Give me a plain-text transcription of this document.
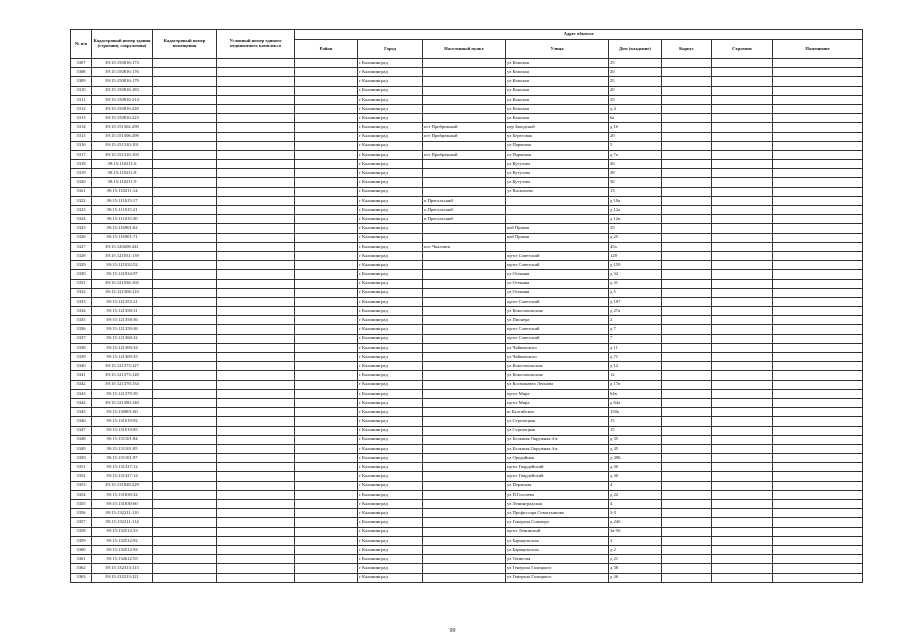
№ п/п	Кадастровый номер здания (строения, сооружения)	Кадастровый номер помещения	Условный номер единого недвижимого комплекса	Адрес объекта							
				Район	Город	Населенный пункт	Улица	Дом (владение)	Корпус	Строение	Помещение
3307	39:15:150816:173				г Калининград		ул Камская	25			
3308	39:15:150816:176				г Калининград		ул Камская	20			
3309	39:15:150816:179				г Калининград		ул Камская	25			
3310	39:15:150816:183				г Калининград		ул Камская	20			
3311	39:15:150816:214				г Калининград		ул Камская	25			
3312	39:15:150816:220				г Калининград		ул Камская	д 4			
3313	39:15:150816:223				г Калининград		ул Камская	6а			
3314	39:15:151302:290				г Калининград	пгт Прибрежный	пер Заводской	д 1б			
3315	39:15:151306:299				г Калининград	пгт Прибрежный	ул Береговая	20			
3316	39:15:151310:101				г Калининград		ул Парковая	5			
3317	39:15:151310:103				г Калининград	пгт Прибрежный	ул Парковая	д 7а			
3318	39:15:110211:6				г Калининград		ул Кутузова	26			
3319	39:15:110211:8				г Калининград		ул Кутузова	28			
3320	39:15:110211:9				г Калининград		ул Кутузова	30			
3321	39:15:110211:14				г Калининград		ул Васильева	13			
3322	39:15:111015:17				г Калининград	п Прегольский		д 10а			
3323	39:15:111015:21				г Калининград	п Прегольский		д 12а			
3324	39:15:111015:30				г Калининград	п Прегольский		д 12в			
3325	39:15:116901:62				г Калининград		наб Правая	25			
3326	39:15:116901:71				г Калининград		наб Правая	д 25			
3327	39:15:120206:441				г Калининград	пос Чкаловск		45а			
3328	39:15:121031:139				г Калининград		пр-кт Советский	128			
3329	39:15:121032:52				г Калининград		пр-кт Советский	д 159			
3330	39:15:121034:97				г Калининград		ул Осенняя	д 32			
3331	39:15:121036:102				г Калининград		ул Осенняя	д 31			
3332	39:15:121306:110				г Калининград		ул Осенняя	д 5			
3333	39:15:121355:21				г Калининград		пр-кт Советский	д 107			
3334	39:15:121358:31				г Калининград		ул Комсомольская	д 27а			
3335	39:15:121358:56				г Калининград		ул Пионера	2			
3336	39:15:121359:26				г Калининград		пр-кт Советский	д 7			
3337	39:15:121360:32				г Калининград		пр-кт Советский	7			
3338	39:15:121369:34				г Калининград		ул Чайковского	д 11			
3339	39:15:121369:35				г Калининград		ул Чайковского	д 71			
3340	39:15:121373:127				г Калининград		ул Комсомольская	д 12			
3341	39:15:121373:128				г Калининград		ул Комсомольская	12			
3342	39:15:121378:134				г Калининград		ул Космонавта Леонова	д 17в			
3343	39:15:121379:39				г Калининград		пр-кт Мира	64в			
3344	39:15:121380:140				г Калининград		пр-кт Мира	д 64а			
3345	39:15:130801:60				г Калининград		ш Балтийское	150а			
3346	39:15:131019:92				г Калининград		ул Стрелецкая	15			
3347	39:15:131019:85				г Калининград		ул Стрелецкая	15			
3348	39:15:131101:84				г Калининград		ул Большая Окружная 4-я	д 35			
3349	39:15:131101:85				г Калининград		ул Большая Окружная 4-я	д 35			
3350	39:15:131101:97				г Калининград		ул Орудийная	д 39Б			
3351	39:15:131327:12				г Калининград		пр-кт Гвардейский	д 30			
3352	39:15:131327:14				г Калининград		пр-кт Гвардейский	д 30			
3353	39:15:131828:229				г Калининград		ул Пермская	4			
3354	39:15:131830:32				г Калининград		ул П.Гоголева	д 22			
3355	39:15:131830:60				г Калининград		ул Ленинградская	4			
3356	39:15:132211:110				г Калининград		ул Профессора Севастьянова	3-5			
3357	39:15:132211:114				г Калининград		ул Генерала Соммера	д 24б			
3358	39:15:132512:53				г Калининград		пр-кт Ленинский	3а-5б			
3359	39:15:132512:92				г Калининград		ул Барнаульская	2			
3360	39:15:132512:94				г Калининград		ул Барнаульская	д 2			
3361	39:15:132612:55				г Калининград		ул Тенистая	д 21			
3362	39:15:132313:115				г Калининград		ул Генерала Галицкого	д 38			
3363	39:15:132313:121				г Калининград		ул Генерала Галицкого	д 36			
99
